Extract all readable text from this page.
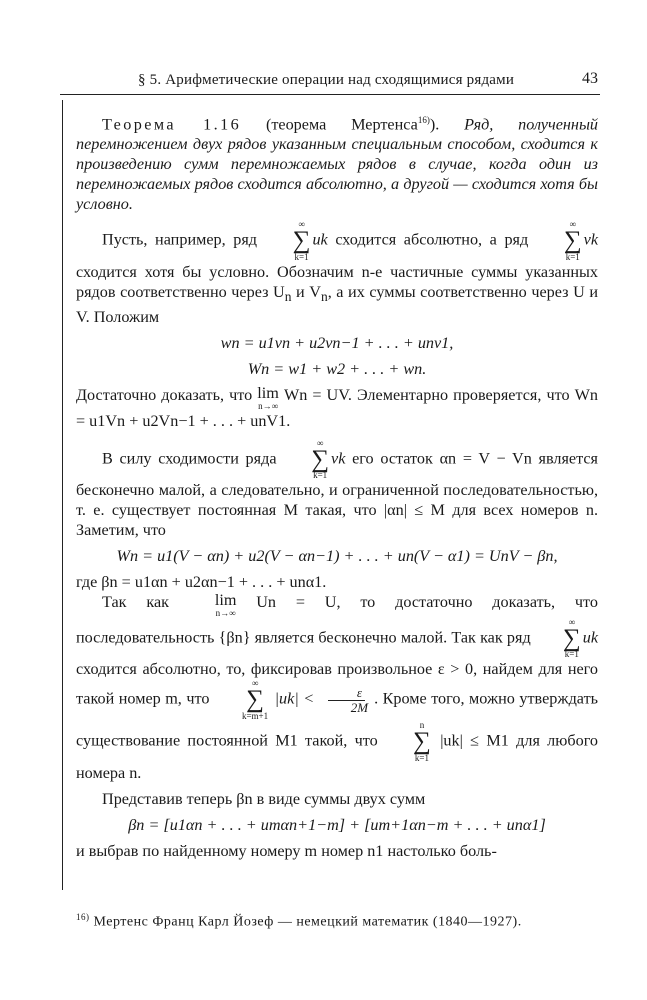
§ 5. Арифметические операции над сходящимися рядами	43

Теорема 1.16 (теорема Мертенса$^{16)}$). Ряд, полученный перемножением двух рядов указанным специальным способом, сходится к произведению сумм перемножаемых рядов в случае, когда один из перемножаемых рядов сходится абсолютно, а другой — сходится хотя бы условно.

Пусть, например, ряд
∞
∑
k=1
uk сходится абсолютно, а ряд
∞
∑
k=1
vk сходится хотя бы условно. Обозначим n-е частичные суммы указанных рядов соответственно через $U_n$ и $V_n$, а их суммы соответственно через U и V. Положим

wn = u1vn + u2vn−1 + . . . + unv1,
Wn = w1 + w2 + . . . + wn.

Достаточно доказать, что lim
n→∞
Wn = UV. Элементарно проверяется, что Wn = u1Vn + u2Vn−1 + . . . + unV1.

В силу сходимости ряда
∞
∑
k=1
vk его остаток αn = V − Vn является бесконечно малой, а следовательно, и ограниченной последовательностью, т. е. существует постоянная M такая, что |αn| ≤ M для всех номеров n. Заметим, что

Wn = u1(V − αn) + u2(V − αn−1) + . . . + un(V − α1) = UnV − βn,

где βn = u1αn + u2αn−1 + . . . + unα1.

Так как	lim
n→∞
Un = U, то достаточно доказать, что последовательность {βn} является бесконечно малой. Так как ряд
∞
∑
k=1
uk сходится абсолютно, то, фиксировав произвольное ε > 0, найдем для него такой номер m, что
∞
∑
k=m+1
$|uk| < \frac{\varepsilon}{2M}$ . Кроме того, можно утверждать существование постоянной M1 такой, что
n
∑
k=1
|uk| ≤ M1 для любого номера n.

Представив теперь βn в виде суммы двух сумм

βn = [u1αn + . . . + umαn+1−m] + [um+1αn−m + . . . + unα1]

и выбрав по найденному номеру m номер n1 настолько боль-

$^{16)}$ Мертенс Франц Карл Йозеф — немецкий математик (1840—1927).
